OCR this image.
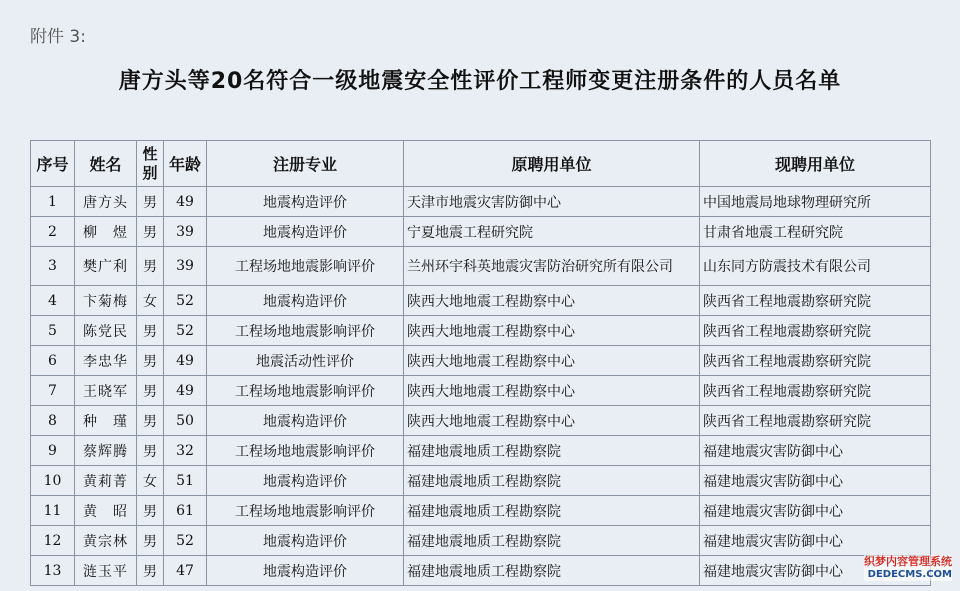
附件 3:
唐方头等20名符合一级地震安全性评价工程师变更注册条件的人员名单
序号	姓名	性别	年龄	注册专业	原聘用单位	现聘用单位
1	唐方头	男	49	地震构造评价	天津市地震灾害防御中心	中国地震局地球物理研究所
2	柳　煜	男	39	地震构造评价	宁夏地震工程研究院	甘肃省地震工程研究院
3	樊广利	男	39	工程场地地震影响评价	兰州环宇科英地震灾害防治研究所有限公司	山东同方防震技术有限公司
4	卞菊梅	女	52	地震构造评价	陕西大地地震工程勘察中心	陕西省工程地震勘察研究院
5	陈党民	男	52	工程场地地震影响评价	陕西大地地震工程勘察中心	陕西省工程地震勘察研究院
6	李忠华	男	49	地震活动性评价	陕西大地地震工程勘察中心	陕西省工程地震勘察研究院
7	王晓军	男	49	工程场地地震影响评价	陕西大地地震工程勘察中心	陕西省工程地震勘察研究院
8	种　瑾	男	50	地震构造评价	陕西大地地震工程勘察中心	陕西省工程地震勘察研究院
9	蔡辉腾	男	32	工程场地地震影响评价	福建地震地质工程勘察院	福建地震灾害防御中心
10	黄莉菁	女	51	地震构造评价	福建地震地质工程勘察院	福建地震灾害防御中心
11	黄　昭	男	61	工程场地地震影响评价	福建地震地质工程勘察院	福建地震灾害防御中心
12	黄宗林	男	52	地震构造评价	福建地震地质工程勘察院	福建地震灾害防御中心
13	涟玉平	男	47	地震构造评价	福建地震地质工程勘察院	福建地震灾害防御中心
织梦内容管理系统
DEDECMS.COM
